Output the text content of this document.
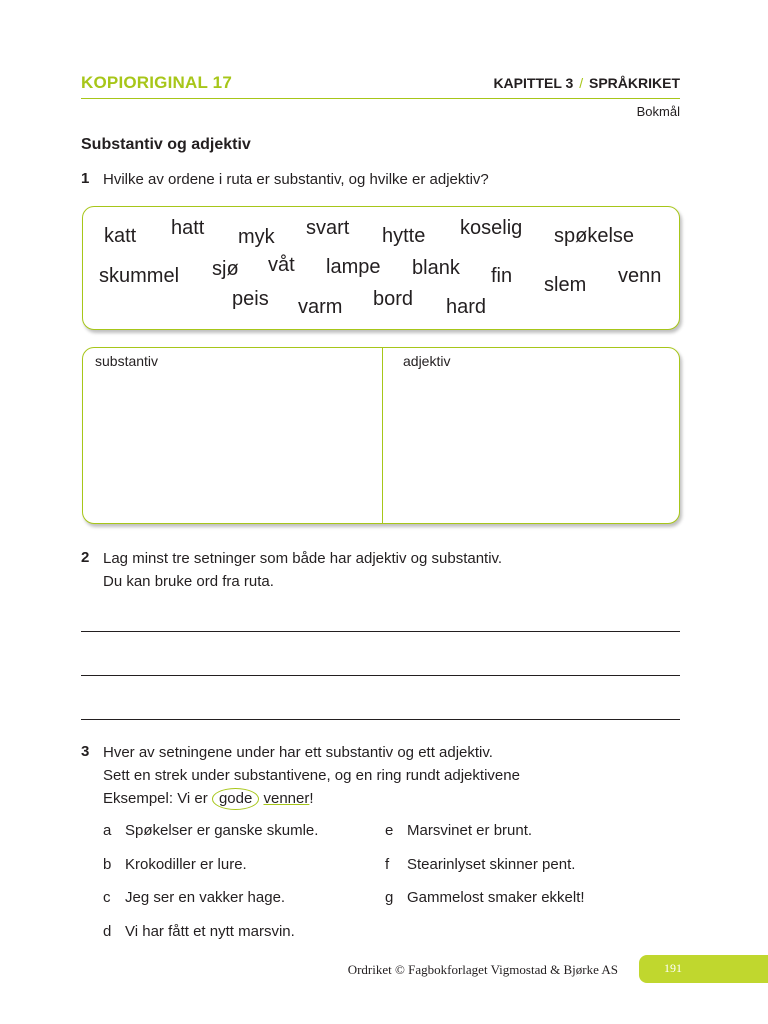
KOPIORIGINAL 17	KAPITTEL 3 / SPRÅKRIKET
Bokmål
Substantiv og adjektiv
1 Hvilke av ordene i ruta er substantiv, og hvilke er adjektiv?
katt hatt myk svart hytte koselig spøkelse
skummel sjø våt lampe blank fin	venn
slem
peis varm bord hard
substantiv	adjektiv
2 Lag minst tre setninger som både har adjektiv og substantiv.
Du kan bruke ord fra ruta.
3 Hver av setningene under har ett substantiv og ett adjektiv.
Sett en strek under substantivene, og en ring rundt adjektivene
Eksempel: Vi er gode venner!
a Spøkelser er ganske skumle.
b Krokodiller er lure.
c Jeg ser en vakker hage.
d Vi har fått et nytt marsvin.
e Marsvinet er brunt.
f Stearinlyset skinner pent.
g Gammelost smaker ekkelt!
Ordriket © Fagbokforlaget Vigmostad & Bjørke AS	191
